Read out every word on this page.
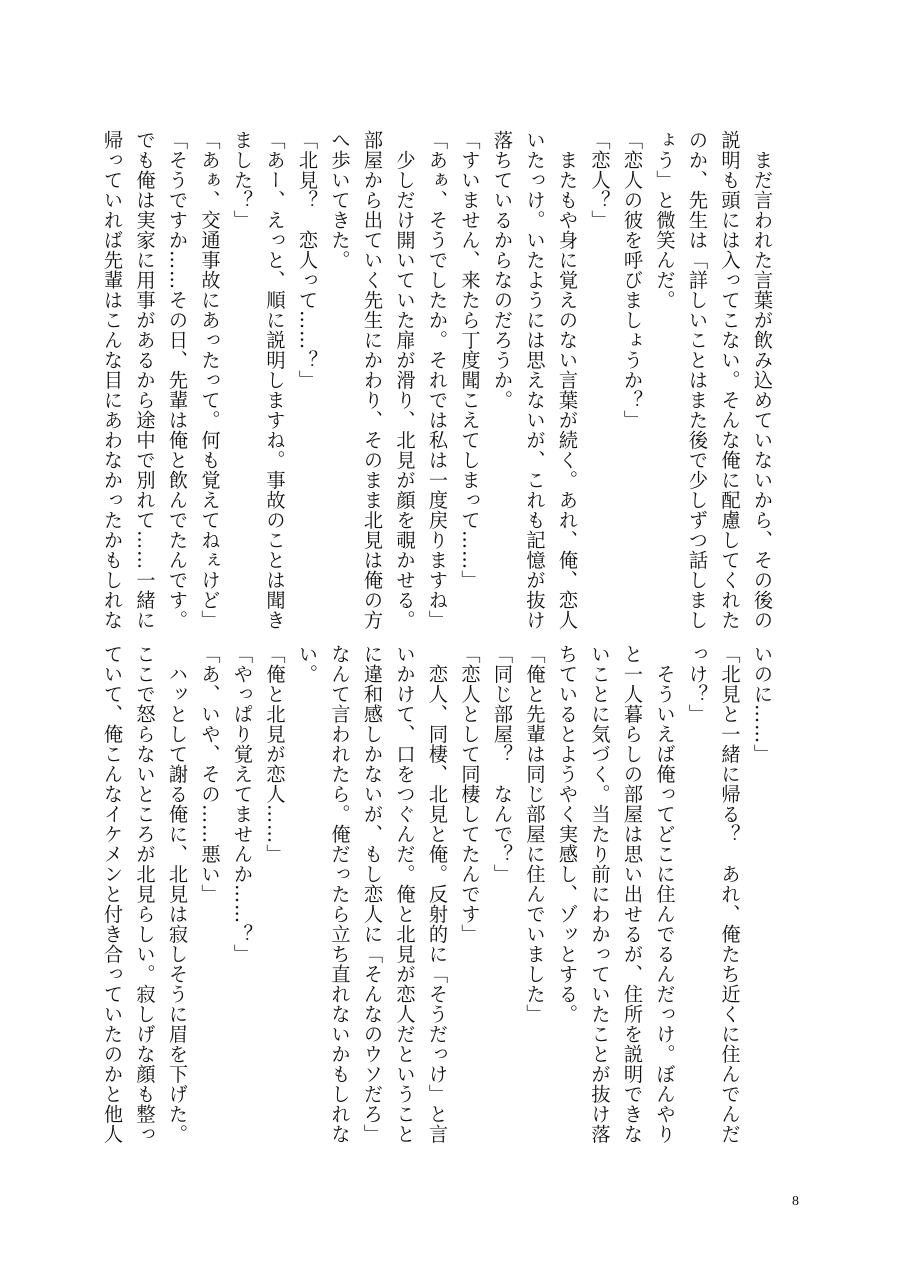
　まだ言われた言葉が飲み込めていないから、その後の
説明も頭には入ってこない。そんな俺に配慮してくれた
のか、先生は「詳しいことはまた後で少しずつ話しまし
ょう」と微笑んだ。
「恋人の彼を呼びましょうか？」
「恋人？」
　またもや身に覚えのない言葉が続く。あれ、俺、恋人
いたっけ。いたようには思えないが、これも記憶が抜け
落ちているからなのだろうか。
「すいません、来たら丁度聞こえてしまって……」
「あぁ、そうでしたか。それでは私は一度戻りますね」
　少しだけ開いていた扉が滑り、北見が顔を覗かせる。
部屋から出ていく先生にかわり、そのまま北見は俺の方
へ歩いてきた。
「北見？　恋人って……？」
「あー、えっと、順に説明しますね。事故のことは聞き
ました？」
「あぁ、交通事故にあったって。何も覚えてねぇけど」
「そうですか……その日、先輩は俺と飲んでたんです。
でも俺は実家に用事があるから途中で別れて……一緒に
帰っていれば先輩はこんな目にあわなかったかもしれな
いのに……」
「北見と一緒に帰る？　あれ、俺たち近くに住んでんだ
っけ？」
　そういえば俺ってどこに住んでるんだっけ。ぼんやり
と一人暮らしの部屋は思い出せるが、住所を説明できな
いことに気づく。当たり前にわかっていたことが抜け落
ちているとようやく実感し、ゾッとする。
「俺と先輩は同じ部屋に住んでいました」
「同じ部屋？　なんで？」
「恋人として同棲してたんです」
　恋人、同棲、北見と俺。反射的に「そうだっけ」と言
いかけて、口をつぐんだ。俺と北見が恋人だということ
に違和感しかないが、もし恋人に「そんなのウソだろ」
なんて言われたら。俺だったら立ち直れないかもしれな
い。
「俺と北見が恋人……」
「やっぱり覚えてませんか……？」
「あ、いや、その……悪い」
　ハッとして謝る俺に、北見は寂しそうに眉を下げた。
ここで怒らないところが北見らしい。寂しげな顔も整っ
ていて、俺こんなイケメンと付き合っていたのかと他人
8
